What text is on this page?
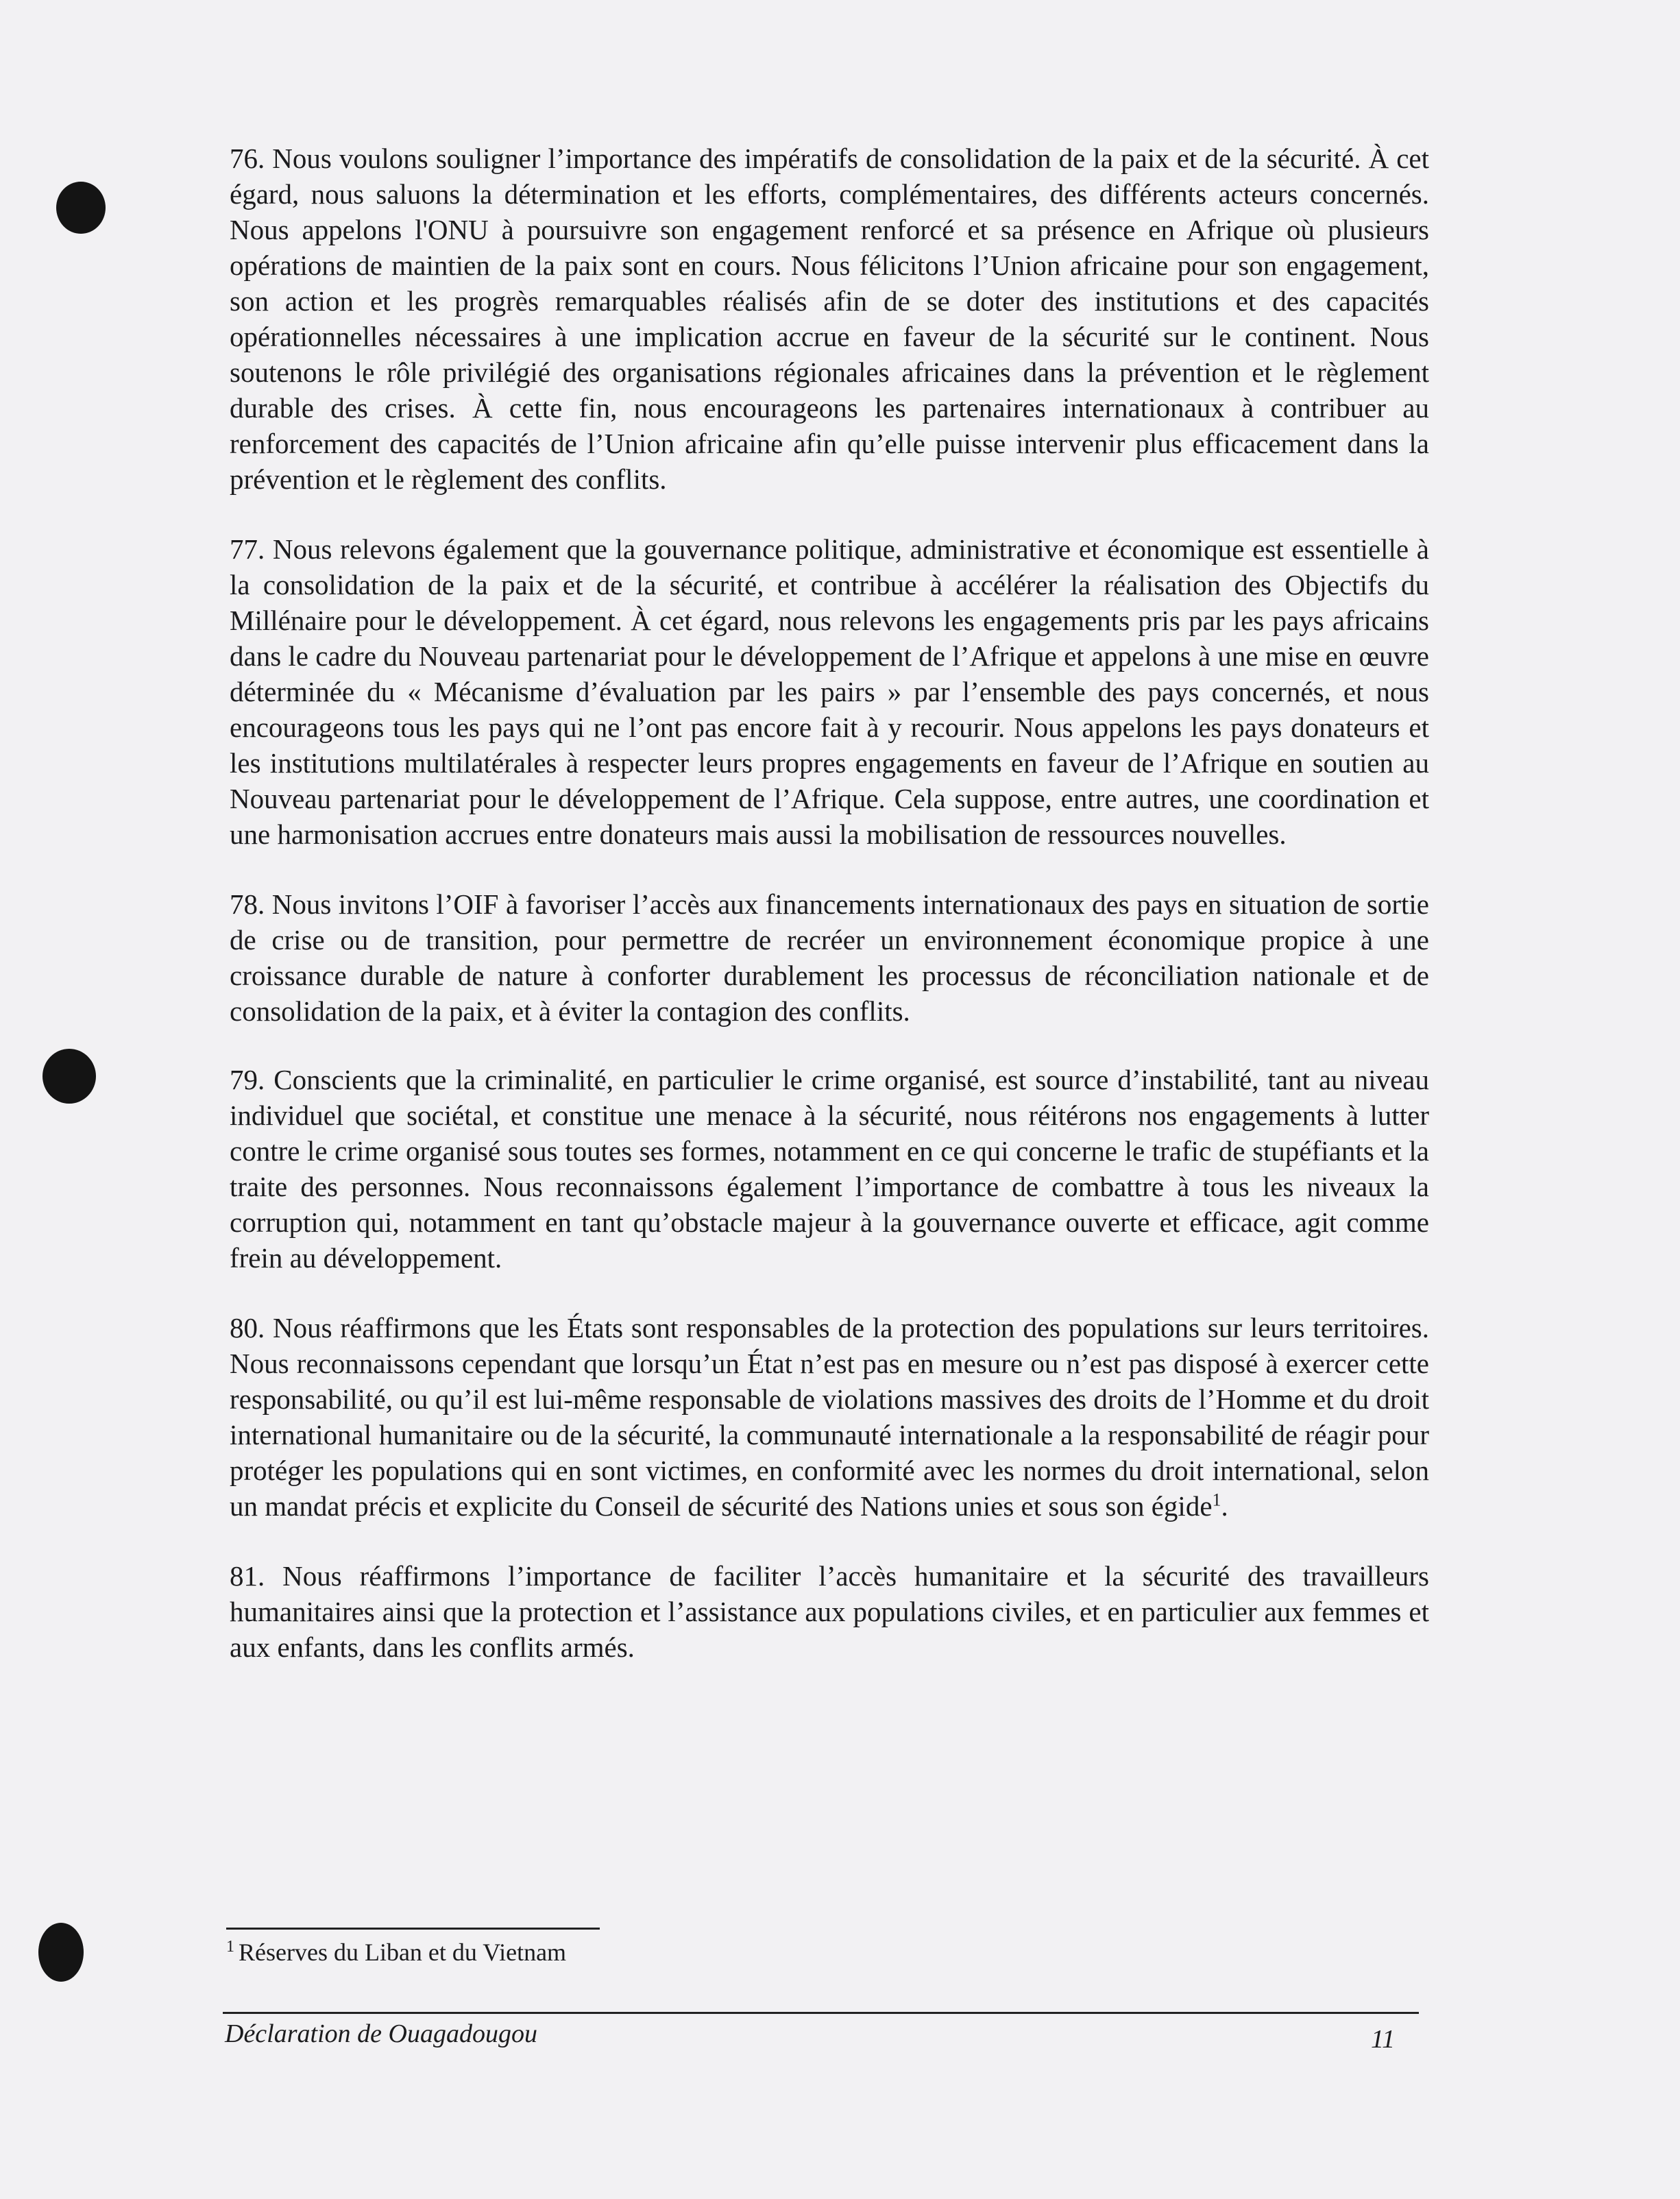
76. Nous voulons souligner l’importance des impératifs de consolidation de la paix et de la sécurité. À cet égard, nous saluons la détermination et les efforts, complémentaires, des différents acteurs concernés. Nous appelons l'ONU à poursuivre son engagement renforcé et sa présence en Afrique où plusieurs opérations de maintien de la paix sont en cours. Nous félicitons l’Union africaine pour son engagement, son action et les progrès remarquables réalisés afin de se doter des institutions et des capacités opérationnelles nécessaires à une implication accrue en faveur de la sécurité sur le continent. Nous soutenons le rôle privilégié des organisations régionales africaines dans la prévention et le règlement durable des crises. À cette fin, nous encourageons les partenaires internationaux à contribuer au renforcement des capacités de l’Union africaine afin qu’elle puisse intervenir plus efficacement dans la prévention et le règlement des conflits.

77. Nous relevons également que la gouvernance politique, administrative et économique est essentielle à la consolidation de la paix et de la sécurité, et contribue à accélérer la réalisation des Objectifs du Millénaire pour le développement. À cet égard, nous relevons les engagements pris par les pays africains dans le cadre du Nouveau partenariat pour le développement de l’Afrique et appelons à une mise en œuvre déterminée du « Mécanisme d’évaluation par les pairs » par l’ensemble des pays concernés, et nous encourageons tous les pays qui ne l’ont pas encore fait à y recourir. Nous appelons les pays donateurs et les institutions multilatérales à respecter leurs propres engagements en faveur de l’Afrique en soutien au Nouveau partenariat pour le développement de l’Afrique. Cela suppose, entre autres, une coordination et une harmonisation accrues entre donateurs mais aussi la mobilisation de ressources nouvelles.

78. Nous invitons l’OIF à favoriser l’accès aux financements internationaux des pays en situation de sortie de crise ou de transition, pour permettre de recréer un environnement économique propice à une croissance durable de nature à conforter durablement les processus de réconciliation nationale et de consolidation de la paix, et à éviter la contagion des conflits.

79. Conscients que la criminalité, en particulier le crime organisé, est source d’instabilité, tant au niveau individuel que sociétal, et constitue une menace à la sécurité, nous réitérons nos engagements à lutter contre le crime organisé sous toutes ses formes, notamment en ce qui concerne le trafic de stupéfiants et la traite des personnes. Nous reconnaissons également l’importance de combattre à tous les niveaux la corruption qui, notamment en tant qu’obstacle majeur à la gouvernance ouverte et efficace, agit comme frein au développement.

80. Nous réaffirmons que les États sont responsables de la protection des populations sur leurs territoires. Nous reconnaissons cependant que lorsqu’un État n’est pas en mesure ou n’est pas disposé à exercer cette responsabilité, ou qu’il est lui-même responsable de violations massives des droits de l’Homme et du droit international humanitaire ou de la sécurité, la communauté internationale a la responsabilité de réagir pour protéger les populations qui en sont victimes, en conformité avec les normes du droit international, selon un mandat précis et explicite du Conseil de sécurité des Nations unies et sous son égide$^1$.

81. Nous réaffirmons l’importance de faciliter l’accès humanitaire et la sécurité des travailleurs humanitaires ainsi que la protection et l’assistance aux populations civiles, et en particulier aux femmes et aux enfants, dans les conflits armés.

$^1$ Réserves du Liban et du Vietnam
Déclaration de Ouagadougou	11
